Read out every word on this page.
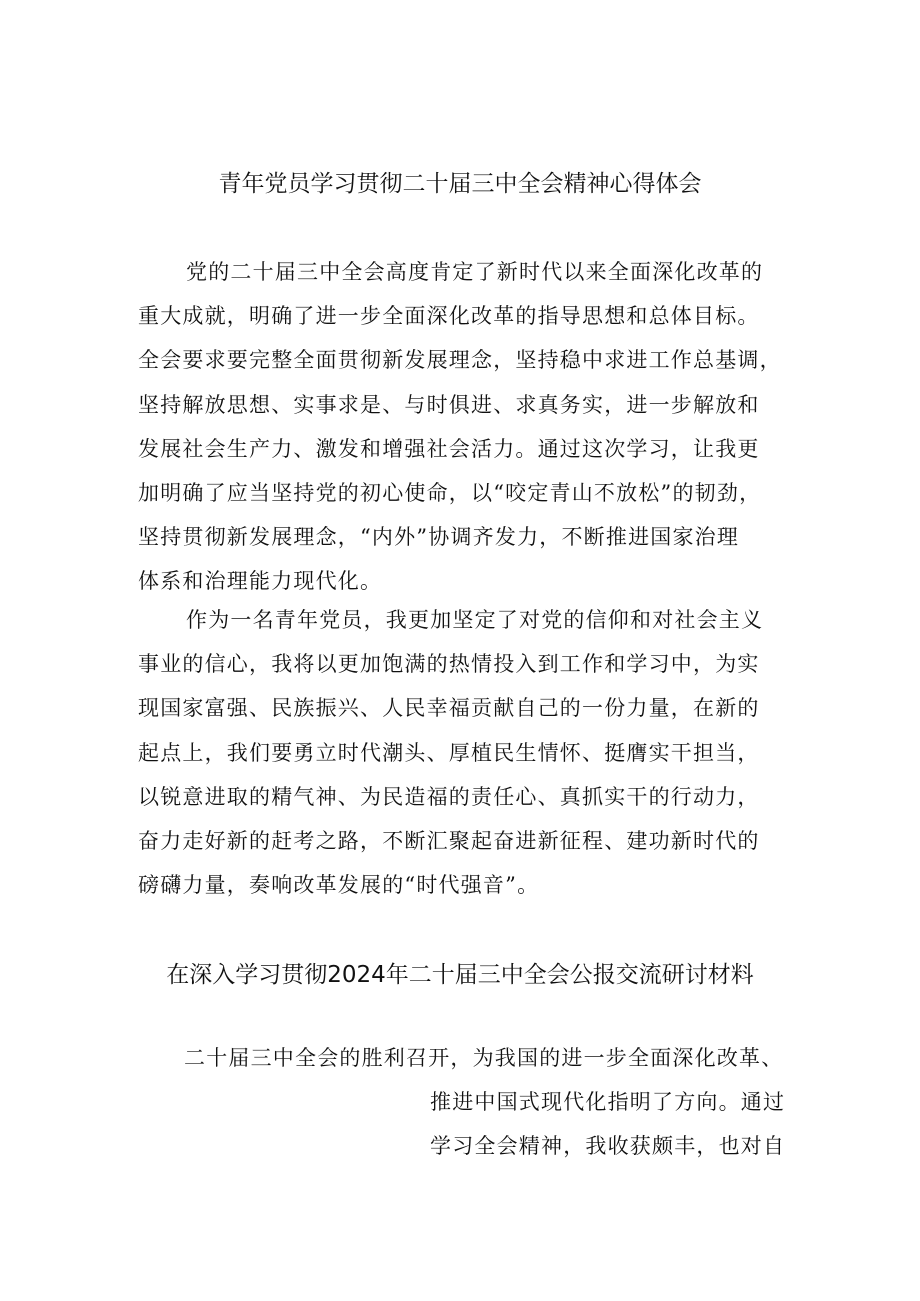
青年党员学习贯彻二十届三中全会精神心得体会
党的二十届三中全会高度肯定了新时代以来全面深化改革的
重大成就，明确了进一步全面深化改革的指导思想和总体目标。
全会要求要完整全面贯彻新发展理念，坚持稳中求进工作总基调，
坚持解放思想、实事求是、与时俱进、求真务实，进一步解放和
发展社会生产力、激发和增强社会活力。通过这次学习，让我更
加明确了应当坚持党的初心使命，以“咬定青山不放松”的韧劲，
坚持贯彻新发展理念，“内外”协调齐发力，不断推进国家治理
体系和治理能力现代化。
作为一名青年党员，我更加坚定了对党的信仰和对社会主义
事业的信心，我将以更加饱满的热情投入到工作和学习中，为实
现国家富强、民族振兴、人民幸福贡献自己的一份力量，在新的
起点上，我们要勇立时代潮头、厚植民生情怀、挺膺实干担当，
以锐意进取的精气神、为民造福的责任心、真抓实干的行动力，
奋力走好新的赶考之路，不断汇聚起奋进新征程、建功新时代的
磅礴力量，奏响改革发展的“时代强音”。
在深入学习贯彻2024年二十届三中全会公报交流研讨材料
二十届三中全会的胜利召开，为我国的进一步全面深化改革、
推进中国式现代化指明了方向。通过
学习全会精神，我收获颇丰，也对自
